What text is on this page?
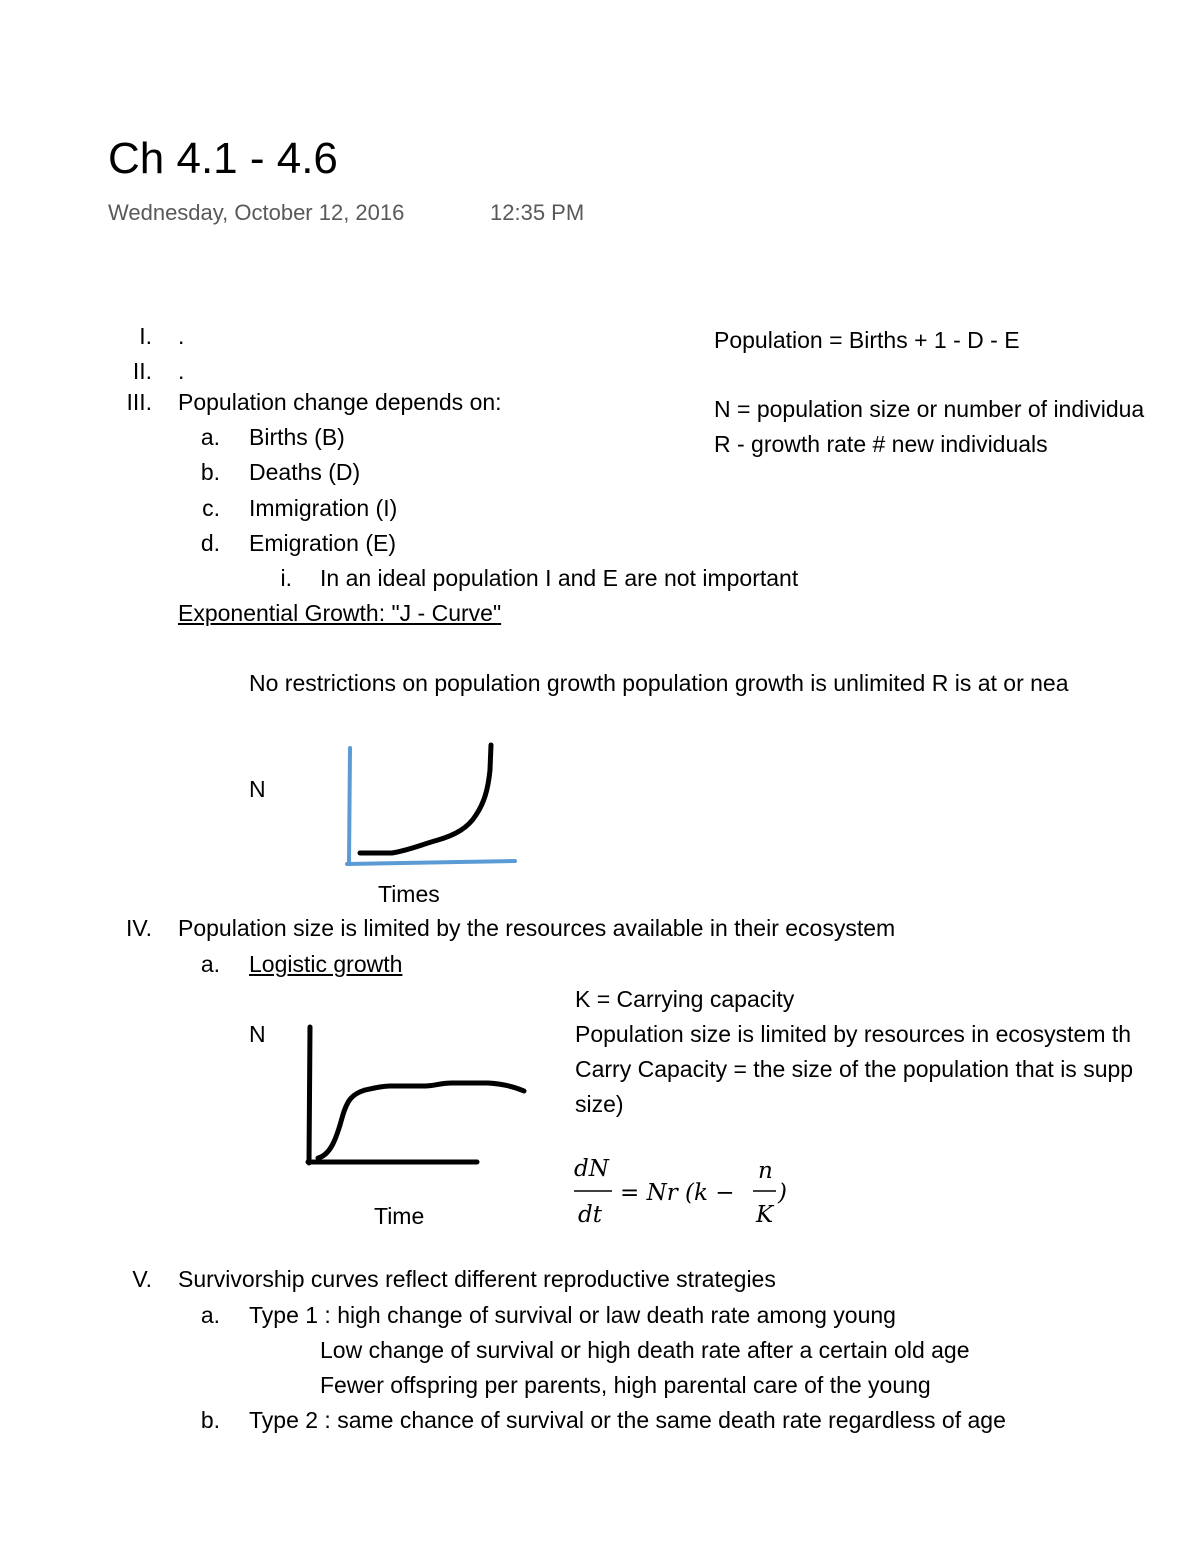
Ch 4.1 - 4.6
Wednesday, October 12, 2016	12:35 PM
I. .
II. .
III. Population change depends on:
a. Births (B)
b. Deaths (D)
c. Immigration (I)
d. Emigration (E)
i. In an ideal population I and E are not important
Exponential Growth: "J - Curve"
No restrictions on population growth population growth is unlimited R is at or nea
N
Times
Population = Births + 1 - D - E
N = population size or number of individua
R - growth rate # new individuals
IV. Population size is limited by the resources available in their ecosystem
a. Logistic growth
N
Time
K = Carrying capacity
Population size is limited by resources in ecosystem th
Carry Capacity = the size of the population that is supp
size)
dN
dt
= Nr (k −
n
K
)
V. Survivorship curves reflect different reproductive strategies
a. Type 1 : high change of survival or law death rate among young
Low change of survival or high death rate after a certain old age
Fewer offspring per parents, high parental care of the young
b. Type 2 : same chance of survival or the same death rate regardless of age
